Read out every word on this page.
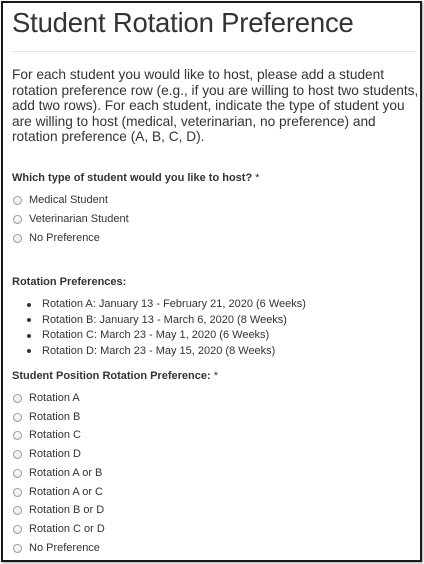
Student Rotation Preference

For each student you would like to host, please add a student rotation preference row (e.g., if you are willing to host two students, add two rows). For each student, indicate the type of student you are willing to host (medical, veterinarian, no preference) and rotation preference (A, B, C, D).

Which type of student would you like to host? *
Medical Student
Veterinarian Student
No Preference
Rotation Preferences:
Rotation A: January 13 - February 21, 2020 (6 Weeks)
Rotation B: January 13 - March 6, 2020 (8 Weeks)
Rotation C: March 23 - May 1, 2020 (6 Weeks)
Rotation D: March 23 - May 15, 2020 (8 Weeks)
Student Position Rotation Preference: *
Rotation A
Rotation B
Rotation C
Rotation D
Rotation A or B
Rotation A or C
Rotation B or D
Rotation C or D
No Preference
